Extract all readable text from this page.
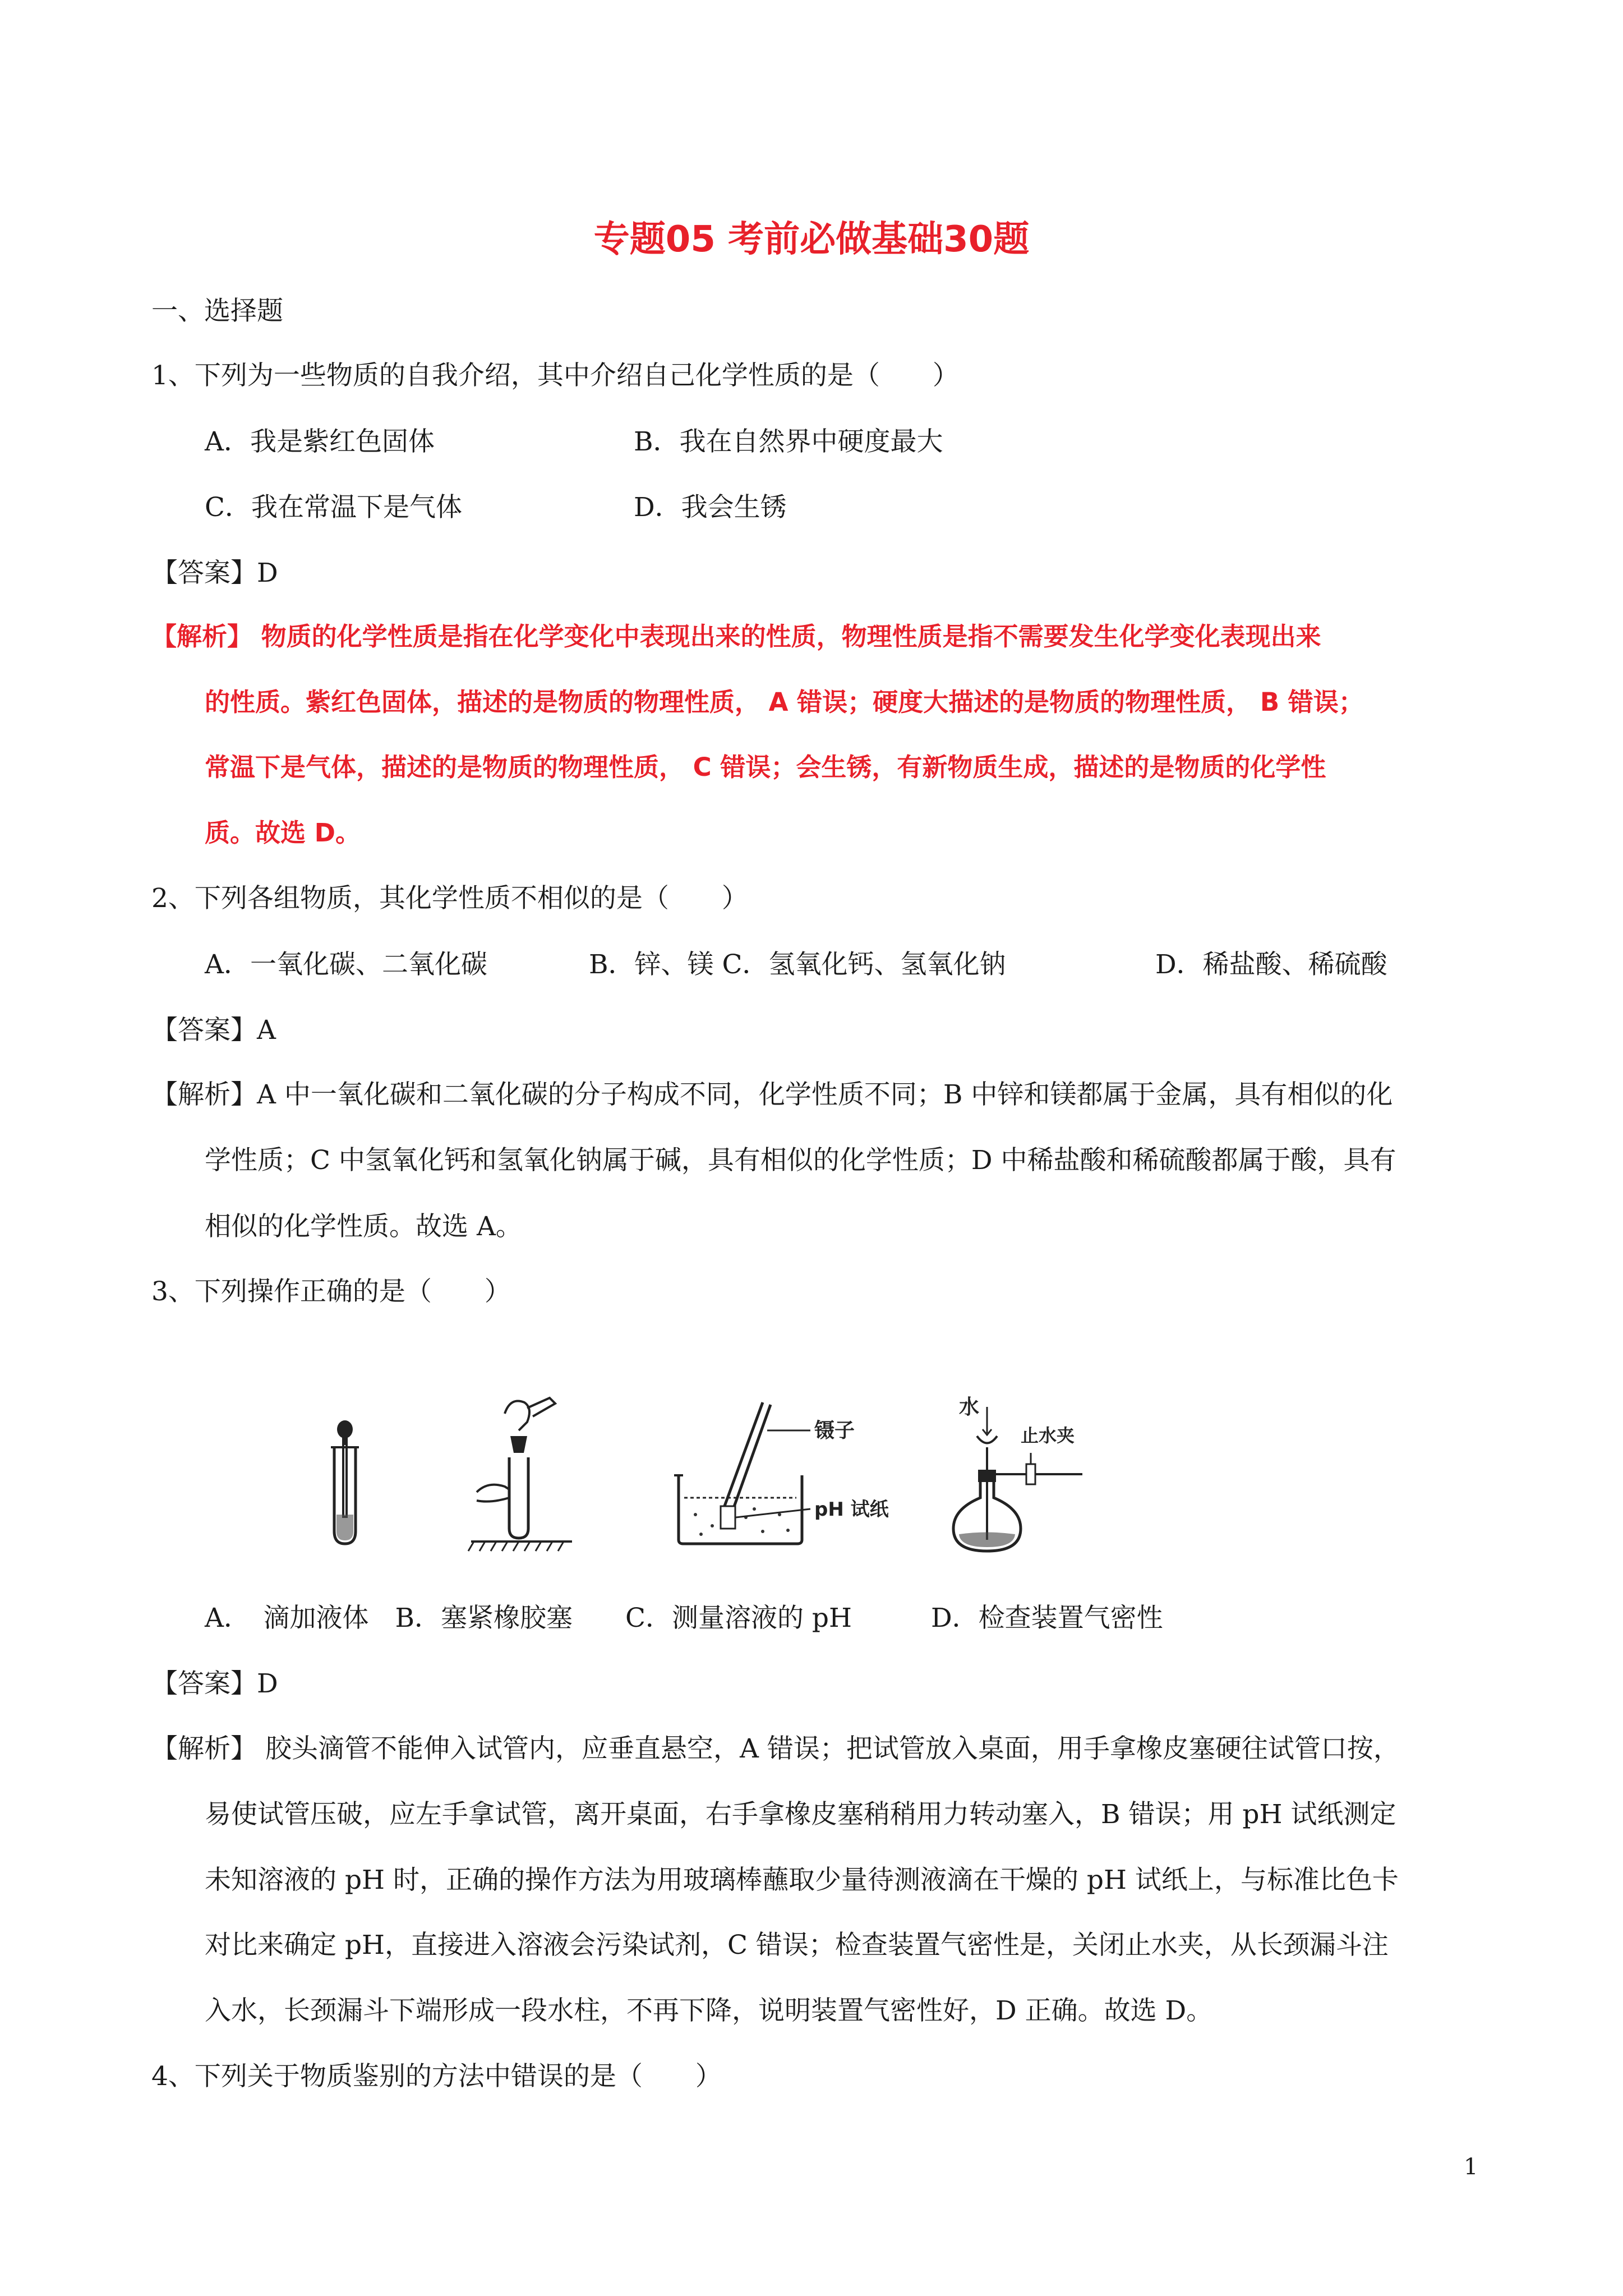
专题05 考前必做基础30题
一、选择题
1、下列为一些物质的自我介绍，其中介绍自己化学性质的是（　　）
A．我是紫红色固体	B．我在自然界中硬度最大
C．我在常温下是气体	D．我会生锈
【答案】D
【解析】 物质的化学性质是指在化学变化中表现出来的性质，物理性质是指不需要发生化学变化表现出来
的性质。紫红色固体，描述的是物质的物理性质， A 错误；硬度大描述的是物质的物理性质， B 错误；
常温下是气体，描述的是物质的物理性质， C 错误；会生锈，有新物质生成，描述的是物质的化学性
质。故选 D。
2、下列各组物质，其化学性质不相似的是（　　）
A．一氧化碳、二氧化碳	B．锌、镁 C．氢氧化钙、氢氧化钠	D．稀盐酸、稀硫酸
【答案】A
【解析】A 中一氧化碳和二氧化碳的分子构成不同，化学性质不同；B 中锌和镁都属于金属，具有相似的化
学性质；C 中氢氧化钙和氢氧化钠属于碱，具有相似的化学性质；D 中稀盐酸和稀硫酸都属于酸，具有
相似的化学性质。故选 A。
3、下列操作正确的是（　　）
镊子
pH 试纸
水
止水夹
A．　滴加液体　B．塞紧橡胶塞　　C．测量溶液的 pH　　　D．检查装置气密性
【答案】D
【解析】 胶头滴管不能伸入试管内，应垂直悬空，A 错误；把试管放入桌面，用手拿橡皮塞硬往试管口按，
易使试管压破，应左手拿试管，离开桌面，右手拿橡皮塞稍稍用力转动塞入，B 错误；用 pH 试纸测定
未知溶液的 pH 时，正确的操作方法为用玻璃棒蘸取少量待测液滴在干燥的 pH 试纸上，与标准比色卡
对比来确定 pH，直接进入溶液会污染试剂，C 错误；检查装置气密性是，关闭止水夹，从长颈漏斗注
入水，长颈漏斗下端形成一段水柱，不再下降，说明装置气密性好，D 正确。故选 D。
4、下列关于物质鉴别的方法中错误的是（　　）
1
